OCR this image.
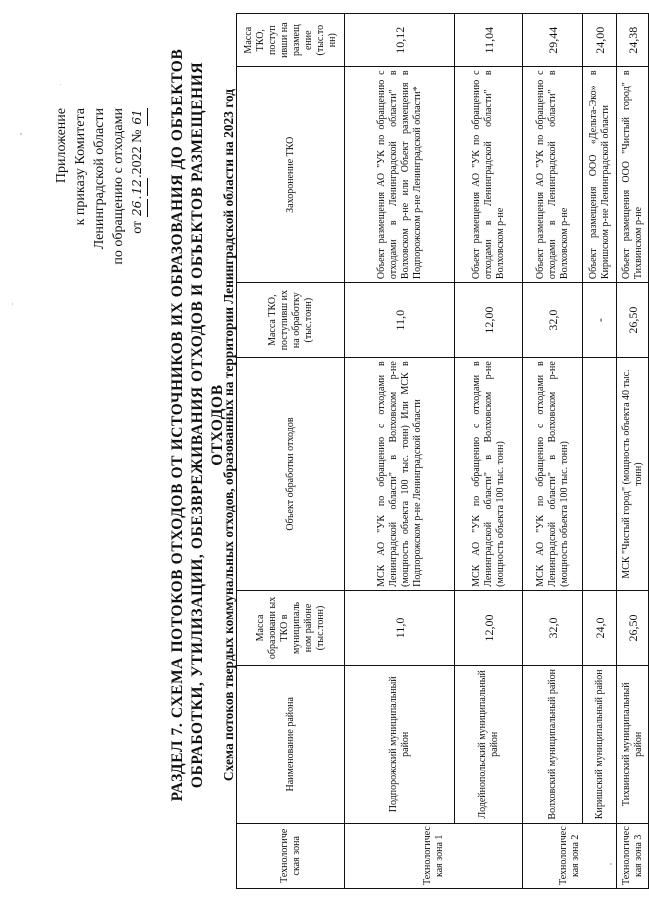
Приложение к приказу Комитета Ленинградской области по обращению с отходами от 26.12.2022 № 61 РАЗДЕЛ 7. СХЕМА ПОТОКОВ ОТХОДОВ ОТ ИСТОЧНИКОВ ИХ ОБРАЗОВАНИЯ ДО ОБЪЕКТОВ ОБРАБОТКИ, УТИЛИЗАЦИИ, ОБЕЗВРЕЖИВАНИЯ ОТХОДОВ И ОБЪЕКТОВ РАЗМЕЩЕНИЯ ОТХОДОВ
Схема потоков твердых коммунальных отходов, образованных на территории Ленинградской области на 2023 год
Технологиче ская зона	Наименование района	Масса образовани ых ТКО в муниципаль ном районе (тыс.тонн)	Объект обработки отходов	Масса ТКО, поступивш их на обработку (тыс.тонн)	Захоронение ТКО	Масса ТКО, поступ ивши на размещ ение (тыс.то нн)
Технологичес кая зона 1	Подпорожский муниципальный район	11,0	МСК АО "УК по обращению с отходами в Ленинградской области" в Волховском р-не (мощность объекта 100 тыс. тонн) Или МСК в Подпорожском р-не Ленинградской области	11,0	Объект размещения АО "УК по обращению с отходами в Ленинградской области" в Волховском р-не или Объект размещения в Подпорожском р-не Ленинградской области*	10,12
	Лодейнопольский муниципальный район	12,00	МСК АО "УК по обращению с отходами в Ленинградской области" в Волховском р-не (мощность объекта 100 тыс. тонн)	12,00	Объект размещения АО "УК по обращению с отходами в Ленинградской области" в Волховском р-не	11,04
Технологичес кая зона 2	Волховский муниципальный район	32,0	МСК АО "УК по обращению с отходами в Ленинградской области" в Волховском р-не (мощность объекта 100 тыс. тонн)	32,0	Объект размещения АО "УК по обращению с отходами в Ленинградской области" в Волховском р-не	29,44
	Киришский муниципальный район	24,0		-	Объект размещения ООО «Дельта-Эко» в Киришском р-не Ленинградской области	24,00
Технологичес кая зона 3	Тихвинский муниципальный район	26,50	МСК "Чистый город" (мощность объекта 40 тыс. тонн)	26,50	Объект размещения ООО "Чистый город" в Тихвинском р-не	24,38
